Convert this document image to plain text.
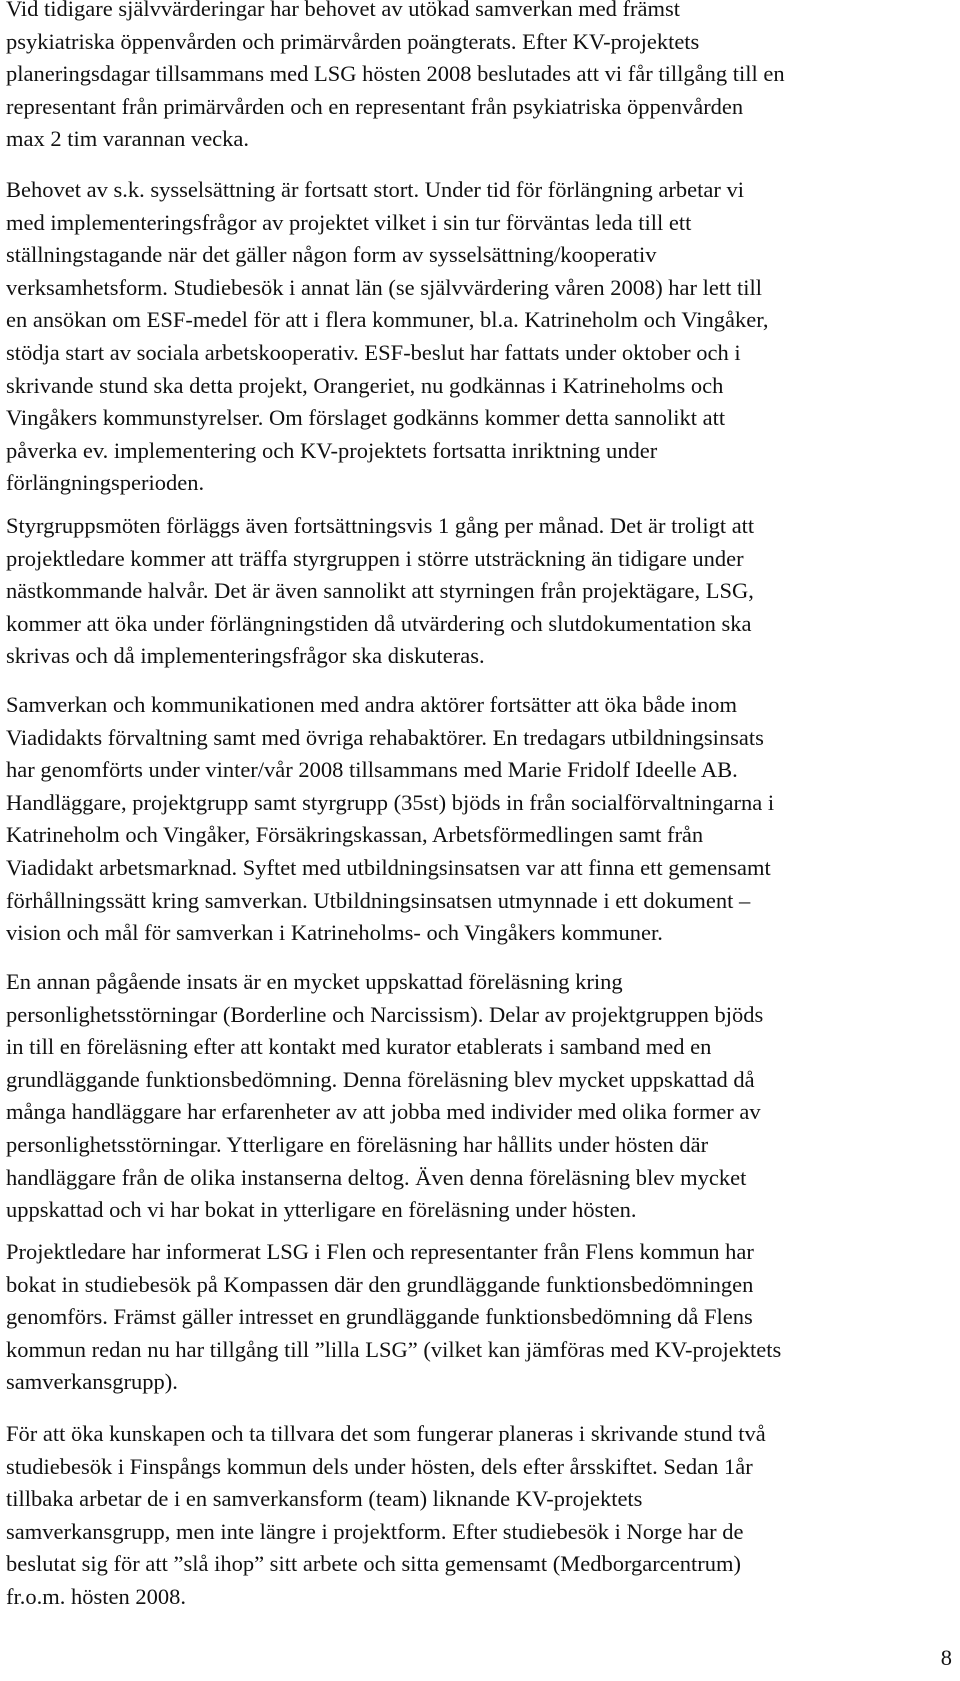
Vid tidigare självvärderingar har behovet av utökad samverkan med främst
psykiatriska öppenvården och primärvården poängterats. Efter KV-projektets
planeringsdagar tillsammans med LSG hösten 2008 beslutades att vi får tillgång till en
representant från primärvården och en representant från psykiatriska öppenvården
max 2 tim varannan vecka.

Behovet av s.k. sysselsättning är fortsatt stort. Under tid för förlängning arbetar vi
med implementeringsfrågor av projektet vilket i sin tur förväntas leda till ett
ställningstagande när det gäller någon form av sysselsättning/kooperativ
verksamhetsform. Studiebesök i annat län (se självvärdering våren 2008) har lett till
en ansökan om ESF-medel för att i flera kommuner, bl.a. Katrineholm och Vingåker,
stödja start av sociala arbetskooperativ. ESF-beslut har fattats under oktober och i
skrivande stund ska detta projekt, Orangeriet, nu godkännas i Katrineholms och
Vingåkers kommunstyrelser. Om förslaget godkänns kommer detta sannolikt att
påverka ev. implementering och KV-projektets fortsatta inriktning under
förlängningsperioden.

Styrgruppsmöten förläggs även fortsättningsvis 1 gång per månad. Det är troligt att
projektledare kommer att träffa styrgruppen i större utsträckning än tidigare under
nästkommande halvår. Det är även sannolikt att styrningen från projektägare, LSG,
kommer att öka under förlängningstiden då utvärdering och slutdokumentation ska
skrivas och då implementeringsfrågor ska diskuteras.

Samverkan och kommunikationen med andra aktörer fortsätter att öka både inom
Viadidakts förvaltning samt med övriga rehabaktörer. En tredagars utbildningsinsats
har genomförts under vinter/vår 2008 tillsammans med Marie Fridolf Ideelle AB.
Handläggare, projektgrupp samt styrgrupp (35st) bjöds in från socialförvaltningarna i
Katrineholm och Vingåker, Försäkringskassan, Arbetsförmedlingen samt från
Viadidakt arbetsmarknad. Syftet med utbildningsinsatsen var att finna ett gemensamt
förhållningssätt kring samverkan. Utbildningsinsatsen utmynnade i ett dokument –
vision och mål för samverkan i Katrineholms- och Vingåkers kommuner.

En annan pågående insats är en mycket uppskattad föreläsning kring
personlighetsstörningar (Borderline och Narcissism). Delar av projektgruppen bjöds
in till en föreläsning efter att kontakt med kurator etablerats i samband med en
grundläggande funktionsbedömning. Denna föreläsning blev mycket uppskattad då
många handläggare har erfarenheter av att jobba med individer med olika former av
personlighetsstörningar. Ytterligare en föreläsning har hållits under hösten där
handläggare från de olika instanserna deltog. Även denna föreläsning blev mycket
uppskattad och vi har bokat in ytterligare en föreläsning under hösten.

Projektledare har informerat LSG i Flen och representanter från Flens kommun har
bokat in studiebesök på Kompassen där den grundläggande funktionsbedömningen
genomförs. Främst gäller intresset en grundläggande funktionsbedömning då Flens
kommun redan nu har tillgång till ”lilla LSG” (vilket kan jämföras med KV-projektets
samverkansgrupp).

För att öka kunskapen och ta tillvara det som fungerar planeras i skrivande stund två
studiebesök i Finspångs kommun dels under hösten, dels efter årsskiftet. Sedan 1år
tillbaka arbetar de i en samverkansform (team) liknande KV-projektets
samverkansgrupp, men inte längre i projektform. Efter studiebesök i Norge har de
beslutat sig för att ”slå ihop” sitt arbete och sitta gemensamt (Medborgarcentrum)
fr.o.m. hösten 2008.

8
